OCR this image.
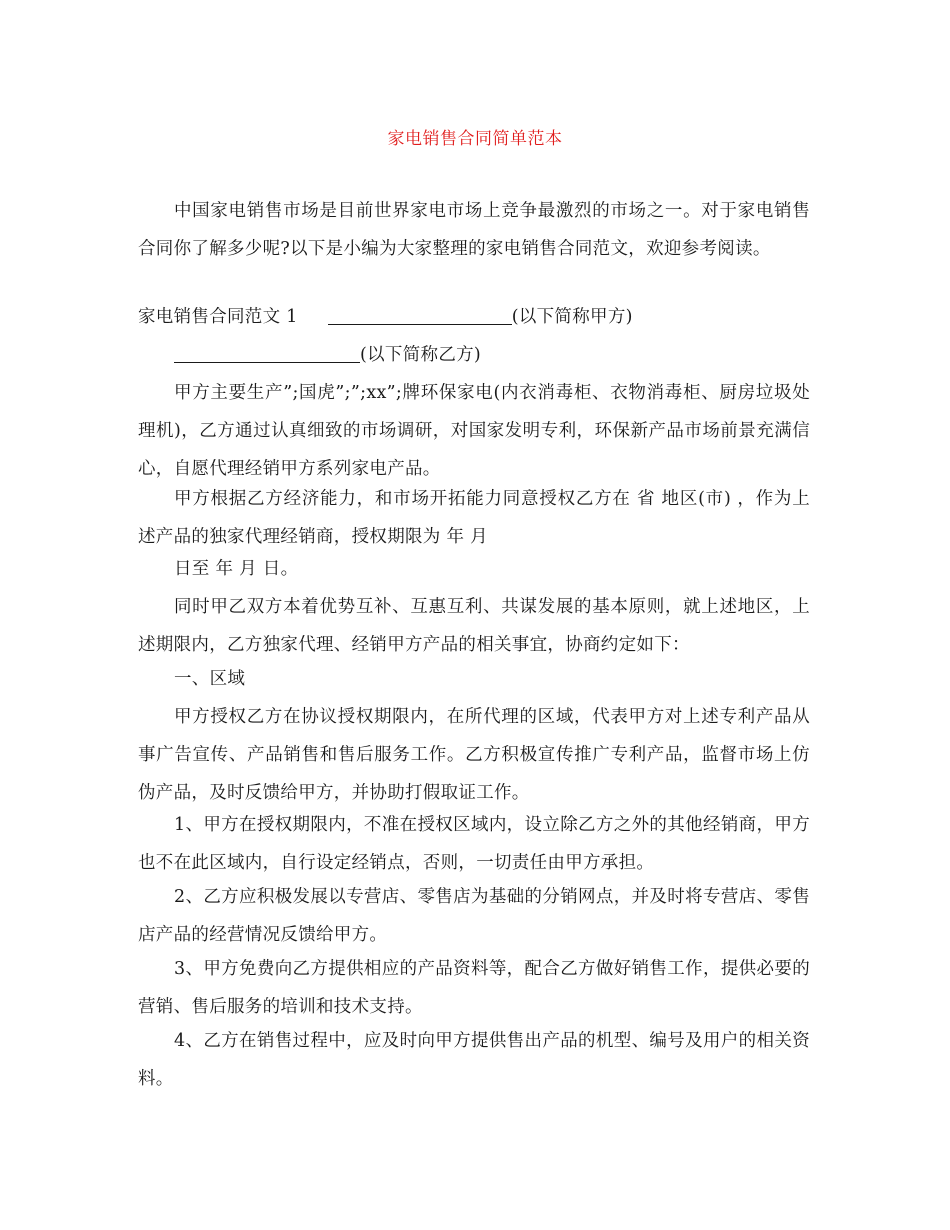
家电销售合同简单范本

中国家电销售市场是目前世界家电市场上竞争最激烈的市场之一。对于家电销售合同你了解多少呢?以下是小编为大家整理的家电销售合同范文，欢迎参考阅读。

家电销售合同范文 1	(以下简称甲方)
(以下简称乙方)

甲方主要生产”;国虎”;”;xx”;牌环保家电(内衣消毒柜、衣物消毒柜、厨房垃圾处理机)，乙方通过认真细致的市场调研，对国家发明专利，环保新产品市场前景充满信心，自愿代理经销甲方系列家电产品。

甲方根据乙方经济能力，和市场开拓能力同意授权乙方在 省 地区(市) ，作为上述产品的独家代理经销商，授权期限为 年 月

日至 年 月 日。

同时甲乙双方本着优势互补、互惠互利、共谋发展的基本原则，就上述地区，上述期限内，乙方独家代理、经销甲方产品的相关事宜，协商约定如下：

一、区域

甲方授权乙方在协议授权期限内，在所代理的区域，代表甲方对上述专利产品从事广告宣传、产品销售和售后服务工作。乙方积极宣传推广专利产品，监督市场上仿伪产品，及时反馈给甲方，并协助打假取证工作。

1、甲方在授权期限内，不准在授权区域内，设立除乙方之外的其他经销商，甲方也不在此区域内，自行设定经销点，否则，一切责任由甲方承担。

2、乙方应积极发展以专营店、零售店为基础的分销网点，并及时将专营店、零售店产品的经营情况反馈给甲方。

3、甲方免费向乙方提供相应的产品资料等，配合乙方做好销售工作，提供必要的营销、售后服务的培训和技术支持。

4、乙方在销售过程中，应及时向甲方提供售出产品的机型、编号及用户的相关资料。
